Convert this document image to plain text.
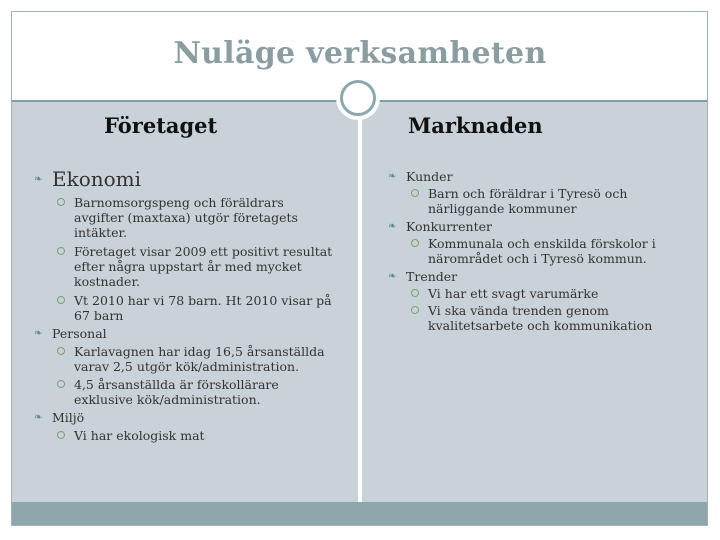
Nuläge verksamheten
Företaget	Marknaden
❧ Ekonomi
Barnomsorgspeng och föräldrars avgifter (maxtaxa) utgör företagets intäkter.
Företaget visar 2009 ett positivt resultat efter några uppstart år med mycket kostnader.
Vt 2010 har vi 78 barn. Ht 2010 visar på 67 barn
❧ Personal
Karlavagnen har idag 16,5 årsanställda varav 2,5 utgör kök/administration.
4,5 årsanställda är förskollärare exklusive kök/administration.
❧ Miljö
Vi har ekologisk mat
❧ Kunder
Barn och föräldrar i Tyresö och närliggande kommuner
❧ Konkurrenter
Kommunala och enskilda förskolor i närområdet och i Tyresö kommun.
❧ Trender
Vi har ett svagt varumärke
Vi ska vända trenden genom kvalitetsarbete och kommunikation
